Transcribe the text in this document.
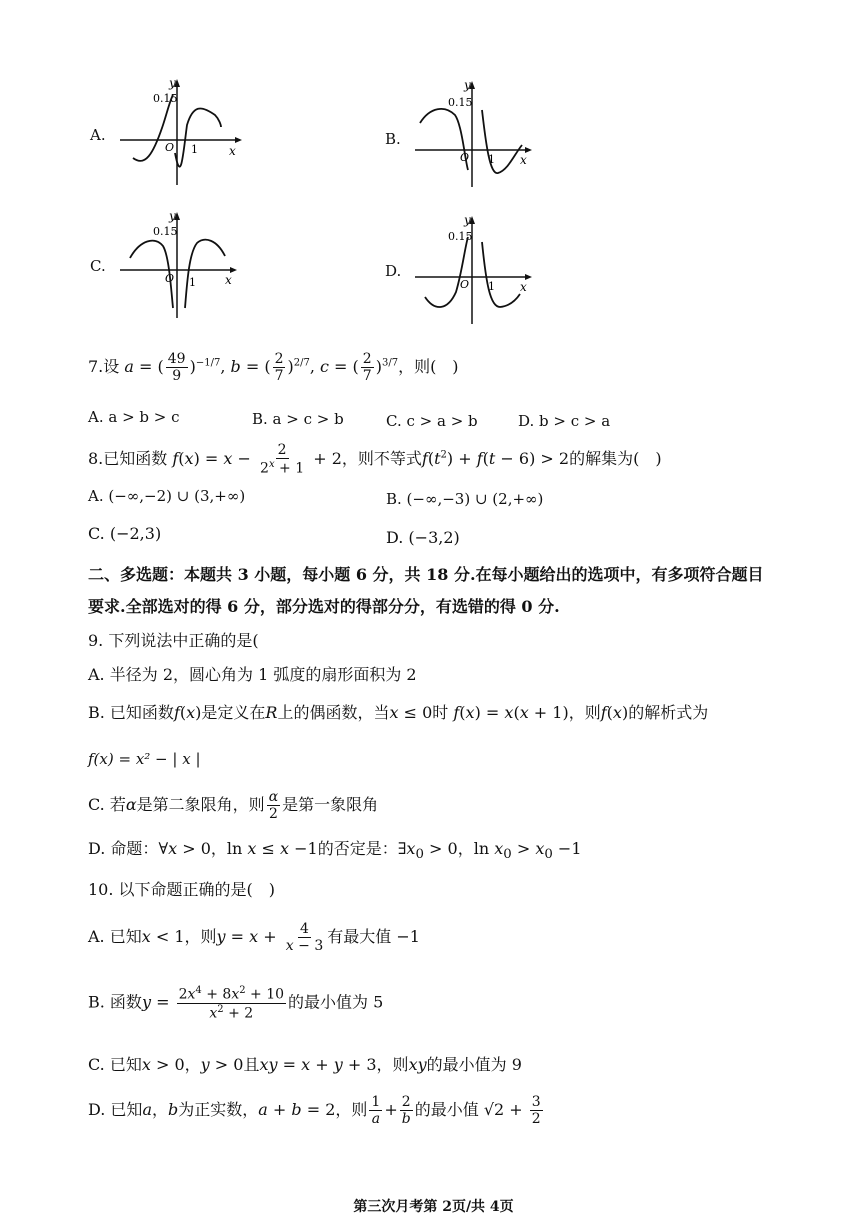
A.
y
x
0.15
O 1
B.
y
x
0.15
O 1
C.
y
x
0.15
O 1
D.
y
x
0.15
O 1
7.设 a = ( $\frac{49}{9} )^{-1/7}$, b = ( $\frac{2}{7} )^{2/7}$, c = ( $\frac{2}{7} )^{3/7}$，则(　)
A. a > b > c	B. a > c > b	C. c > a > b	D. b > c > a
8.已知函数 $f(x) = x - \frac{2}{2^x + 1} + 2$，则不等式$f(t^2) + f(t - 6) > 2$的解集为(　)
A. (−∞,−2) ∪ (3,+∞)	B. (−∞,−3) ∪ (2,+∞)
C. (−2,3)	D. (−3,2)
二、多选题：本题共 3 小题，每小题 6 分，共 18 分.在每小题给出的选项中，有多项符合题目
要求.全部选对的得 6 分，部分选对的得部分分，有选错的得 0 分.
9. 下列说法中正确的是(
A. 半径为 2，圆心角为 1 弧度的扇形面积为 2
B. 已知函数f(x)是定义在R上的偶函数，当x ≤ 0时 f(x) = x(x + 1)，则f(x)的解析式为
f(x) = x² − | x |
C. 若α是第二象限角，则 $\frac{\alpha}{2}$ 是第一象限角
D. 命题：∀x > 0，ln x ≤ x −1的否定是：$\exists x_0 > 0$，$\ln x_0 > x_0 -1$
10. 以下命题正确的是(　)
A. 已知x < 1，则$y = x + \frac{4}{x - 3}$ 有最大值 −1
B. 函数$y = \frac{2x^4 + 8x^2 + 10}{x^2 + 2}$ 的最小值为 5
C. 已知x > 0，y > 0且xy = x + y + 3，则xy的最小值为 9
D. 已知a，b为正实数，a + b = 2，则 $\frac{1}{a} + \frac{2}{b}$ 的最小值 $√2 + \frac{3}{2}$
第三次月考第 2页/共 4页
